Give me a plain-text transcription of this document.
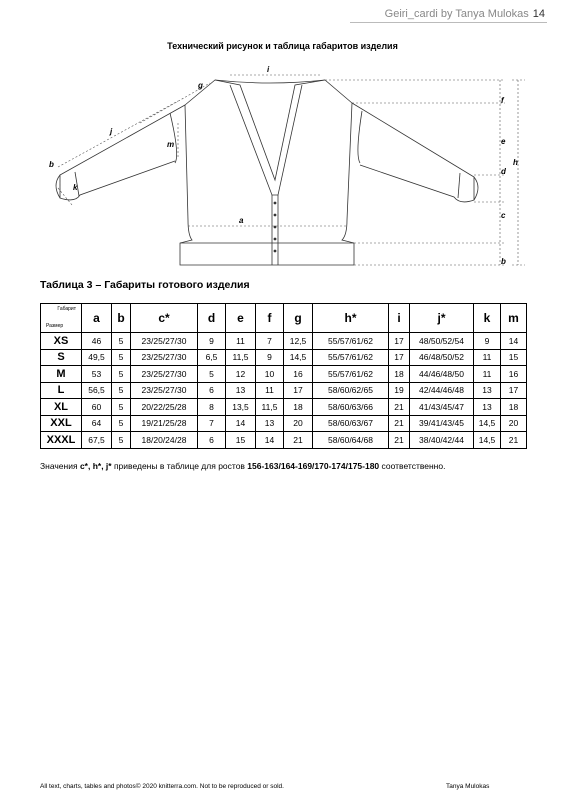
Geiri_cardi by Tanya Mulokas 14
Технический рисунок и таблица габаритов изделия
i
g
j
m
b
k
a
f
e
h
d
c
b
Таблица 3 – Габариты готового изделия
Габарит
Размер	a	b	c*	d	e	f	g	h*	i	j*	k	m
XS	46	5	23/25/27/30	9	11	7	12,5	55/57/61/62	17	48/50/52/54	9	14
S	49,5	5	23/25/27/30	6,5	11,5	9	14,5	55/57/61/62	17	46/48/50/52	11	15
M	53	5	23/25/27/30	5	12	10	16	55/57/61/62	18	44/46/48/50	11	16
L	56,5	5	23/25/27/30	6	13	11	17	58/60/62/65	19	42/44/46/48	13	17
XL	60	5	20/22/25/28	8	13,5	11,5	18	58/60/63/66	21	41/43/45/47	13	18
XXL	64	5	19/21/25/28	7	14	13	20	58/60/63/67	21	39/41/43/45	14,5	20
XXXL	67,5	5	18/20/24/28	6	15	14	21	58/60/64/68	21	38/40/42/44	14,5	21
Значения c*, h*, j* приведены в таблице для ростов 156-163/164-169/170-174/175-180 соответственно.
All text, charts, tables and photos© 2020 knitterra.com. Not to be reproduced or sold.	Tanya Mulokas
